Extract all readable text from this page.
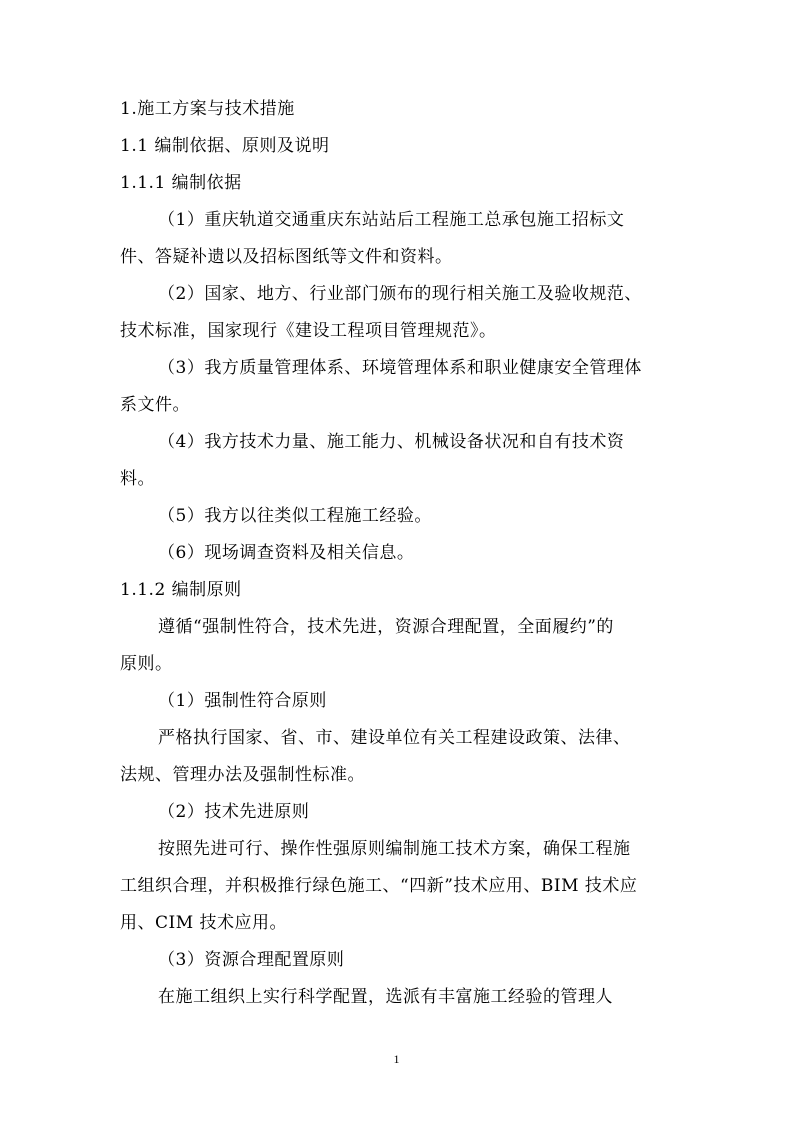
1.施工方案与技术措施
1.1 编制依据、原则及说明
1.1.1 编制依据
（1）重庆轨道交通重庆东站站后工程施工总承包施工招标文
件、答疑补遗以及招标图纸等文件和资料。
（2）国家、地方、行业部门颁布的现行相关施工及验收规范、
技术标准，国家现行《建设工程项目管理规范》。
（3）我方质量管理体系、环境管理体系和职业健康安全管理体
系文件。
（4）我方技术力量、施工能力、机械设备状况和自有技术资
料。
（5）我方以往类似工程施工经验。
（6）现场调查资料及相关信息。
1.1.2 编制原则
遵循“强制性符合，技术先进，资源合理配置，全面履约”的
原则。
（1）强制性符合原则
严格执行国家、省、市、建设单位有关工程建设政策、法律、
法规、管理办法及强制性标准。
（2）技术先进原则
按照先进可行、操作性强原则编制施工技术方案，确保工程施
工组织合理，并积极推行绿色施工、“四新”技术应用、BIM 技术应
用、CIM 技术应用。
（3）资源合理配置原则
在施工组织上实行科学配置，选派有丰富施工经验的管理人
1
